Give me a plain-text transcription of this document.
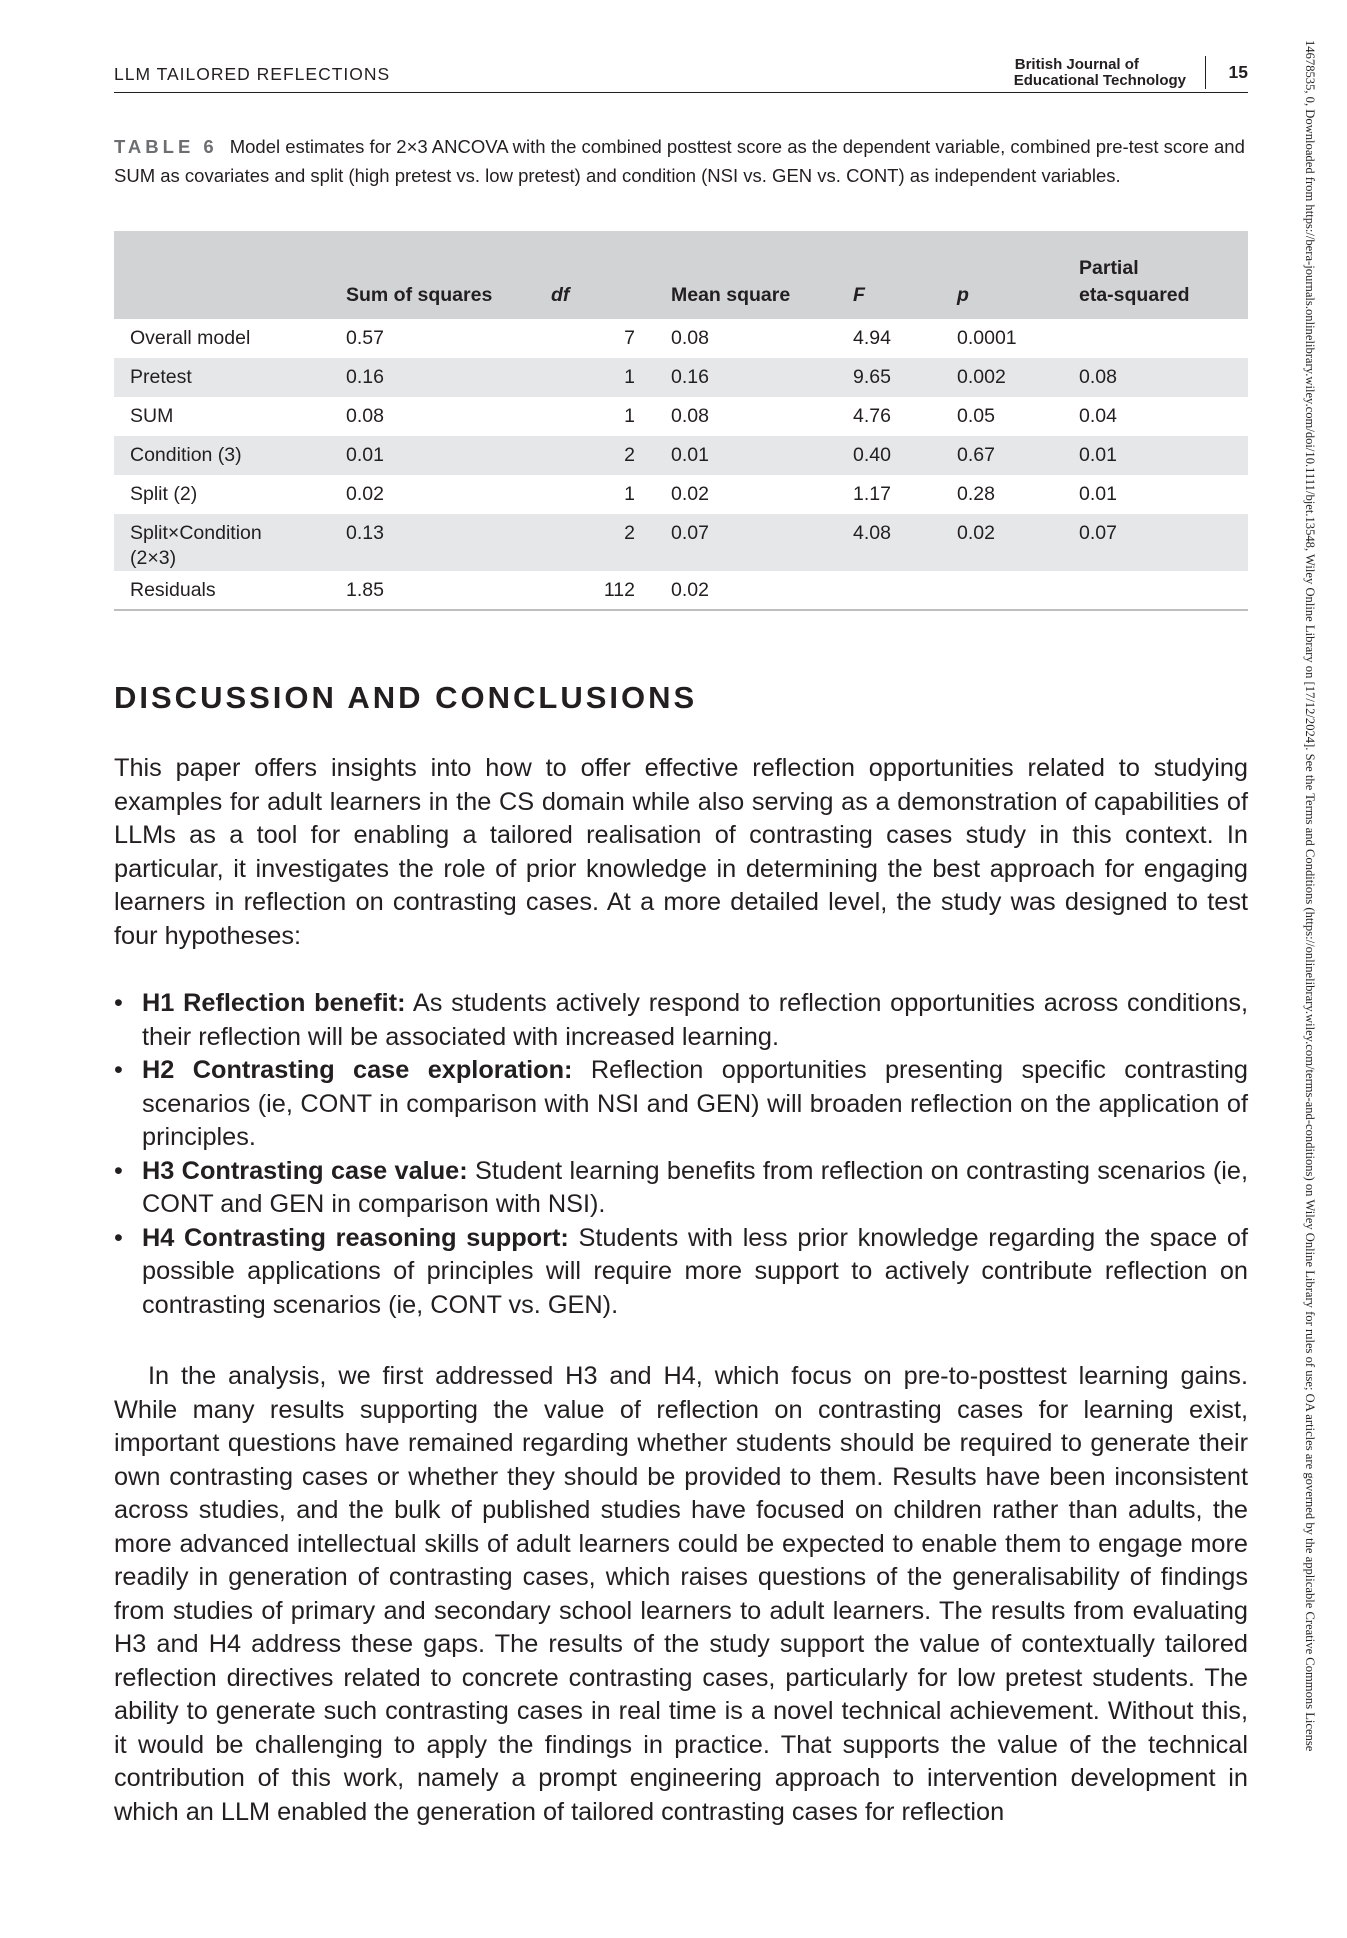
LLM TAILORED REFLECTIONS	British Journal of
Educational Technology 15	14678535, 0, Downloaded from https://bera-journals.onlinelibrary.wiley.com/doi/10.1111/bjet.13548, Wiley Online Library on [17/12/2024]. See the Terms and Conditions (https://onlinelibrary.wiley.com/terms-and-conditions) on Wiley Online Library for rules of use; OA articles are governed by the applicable Creative Commons License
TABLE 6 Model estimates for 2×3 ANCOVA with the combined posttest score as the dependent variable, combined pre-test score and SUM as covariates and split (high pretest vs. low pretest) and condition (NSI vs. GEN vs. CONT) as independent variables.
	Sum of squares	df	Mean square	F	p	Partial
eta-squared
Overall model	0.57	7	0.08	4.94	0.0001	
Pretest	0.16	1	0.16	9.65	0.002	0.08
SUM	0.08	1	0.08	4.76	0.05	0.04
Condition (3)	0.01	2	0.01	0.40	0.67	0.01
Split (2)	0.02	1	0.02	1.17	0.28	0.01
Split×Condition
(2×3)	0.13	2	0.07	4.08	0.02	0.07
Residuals	1.85	112	0.02			
DISCUSSION AND CONCLUSIONS

This paper offers insights into how to offer effective reflection opportunities related to studying examples for adult learners in the CS domain while also serving as a demonstration of capabilities of LLMs as a tool for enabling a tailored realisation of contrasting cases study in this context. In particular, it investigates the role of prior knowledge in determining the best approach for engaging learners in reflection on contrasting cases. At a more detailed level, the study was designed to test four hypotheses:

• H1 Reflection benefit: As students actively respond to reflection opportunities across conditions, their reflection will be associated with increased learning.
• H2 Contrasting case exploration: Reflection opportunities presenting specific contrasting scenarios (ie, CONT in comparison with NSI and GEN) will broaden reflection on the application of principles.
• H3 Contrasting case value: Student learning benefits from reflection on contrasting scenarios (ie, CONT and GEN in comparison with NSI).
• H4 Contrasting reasoning support: Students with less prior knowledge regarding the space of possible applications of principles will require more support to actively contribute reflection on contrasting scenarios (ie, CONT vs. GEN).

In the analysis, we first addressed H3 and H4, which focus on pre-to-posttest learning gains. While many results supporting the value of reflection on contrasting cases for learning exist, important questions have remained regarding whether students should be required to generate their own contrasting cases or whether they should be provided to them. Results have been inconsistent across studies, and the bulk of published studies have focused on children rather than adults, the more advanced intellectual skills of adult learners could be expected to enable them to engage more readily in generation of contrasting cases, which raises questions of the generalisability of findings from studies of primary and secondary school learners to adult learners. The results from evaluating H3 and H4 address these gaps. The results of the study support the value of contextually tailored reflection directives related to concrete contrasting cases, particularly for low pretest students. The ability to generate such contrasting cases in real time is a novel technical achievement. Without this, it would be challenging to apply the findings in practice. That supports the value of the technical contribution of this work, namely a prompt engineering approach to intervention development in which an LLM enabled the generation of tailored contrasting cases for reflection
